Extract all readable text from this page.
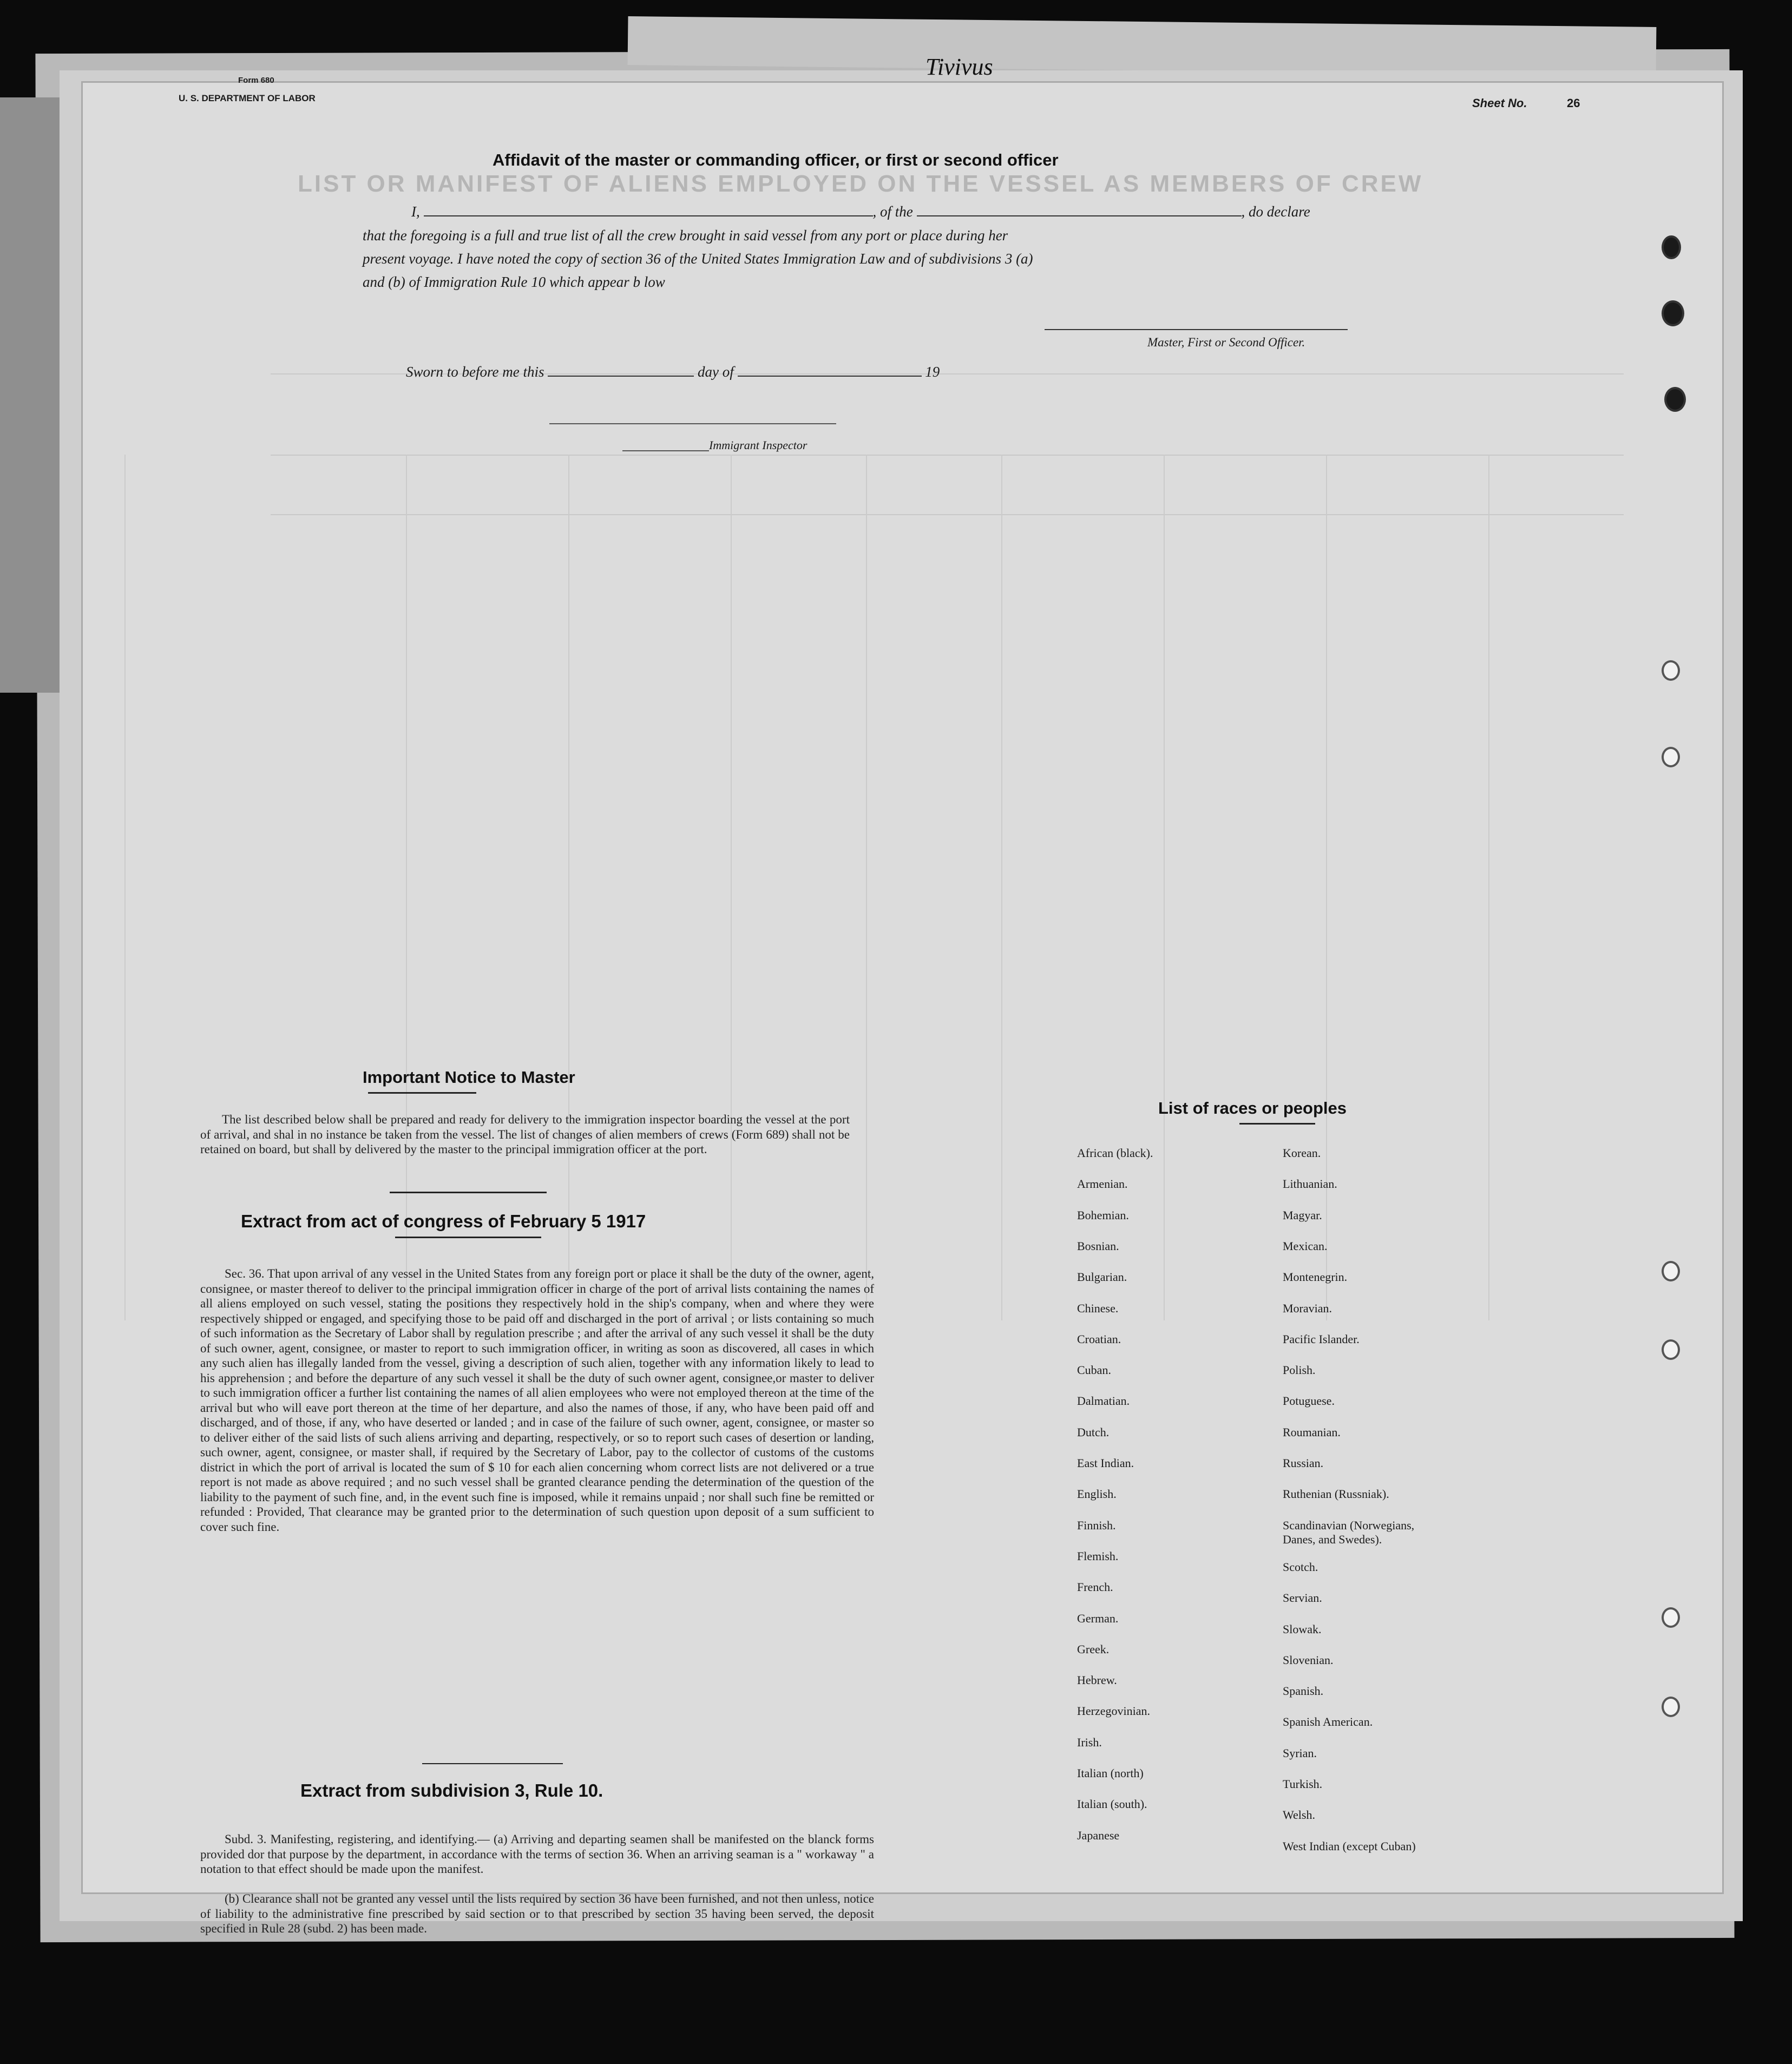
LIST OR MANIFEST OF ALIENS EMPLOYED ON THE VESSEL AS MEMBERS OF CREW
Form 680
U. S. DEPARTMENT OF LABOR
Tivivus
Sheet No.	26
Affidavit of the master or commanding officer, or first or second officer
I,	, of the	, do declare
that the foregoing is a full and true list of all the crew brought in said vessel from any port or place during her
present voyage. I have noted the copy of section 36 of the United States Immigration Law and of subdivisions 3 (a)
and (b) of Immigration Rule 10 which appear b low
Master, First or Second Officer.
Sworn to before me this	day of	19
Immigrant Inspector
Important Notice to Master
The list described below shall be prepared and ready for delivery to the immigration inspector boarding the vessel at the port of arrival, and shal in no instance be taken from the vessel. The list of changes of alien members of crews (Form 689) shall not be retained on board, but shall by delivered by the master to the principal immigration officer at the port.
Extract from act of congress of February 5 1917
Sec. 36. That upon arrival of any vessel in the United States from any foreign port or place it shall be the duty of the owner, agent, consignee, or master thereof to deliver to the principal immigration officer in charge of the port of arrival lists containing the names of all aliens employed on such vessel, stating the positions they respectively hold in the ship's company, when and where they were respectively shipped or engaged, and specifying those to be paid off and discharged in the port of arrival ; or lists containing so much of such information as the Secretary of Labor shall by regulation prescribe ; and after the arrival of any such vessel it shall be the duty of such owner, agent, consignee, or master to report to such immigration officer, in writing as soon as discovered, all cases in which any such alien has illegally landed from the vessel, giving a description of such alien, together with any information likely to lead to his apprehension ; and before the departure of any such vessel it shall be the duty of such owner agent, consignee,or master to deliver to such immigration officer a further list containing the names of all alien employees who were not employed thereon at the time of the arrival but who will eave port thereon at the time of her departure, and also the names of those, if any, who have been paid off and discharged, and of those, if any, who have deserted or landed ; and in case of the failure of such owner, agent, consignee, or master so to deliver either of the said lists of such aliens arriving and departing, respectively, or so to report such cases of desertion or landing, such owner, agent, consignee, or master shall, if required by the Secretary of Labor, pay to the collector of customs of the customs district in which the port of arrival is located the sum of $ 10 for each alien concerning whom correct lists are not delivered or a true report is not made as above required ; and no such vessel shall be granted clearance pending the determination of the question of the liability to the payment of such fine, and, in the event such fine is imposed, while it remains unpaid ; nor shall such fine be remitted or refunded : Provided, That clearance may be granted prior to the determination of such question upon deposit of a sum sufficient to cover such fine.
Extract from subdivision 3, Rule 10.
Subd. 3. Manifesting, registering, and identifying.— (a) Arriving and departing seamen shall be manifested on the blanck forms provided dor that purpose by the department, in accordance with the terms of section 36. When an arriving seaman is a " workaway " a notation to that effect should be made upon the manifest.
(b) Clearance shall not be granted any vessel until the lists required by section 36 have been furnished, and not then unless, notice of liability to the administrative fine prescribed by said section or to that prescribed by section 35 having been served, the deposit specified in Rule 28 (subd. 2) has been made.
List of races or peoples
African (black).
Armenian.
Bohemian.
Bosnian.
Bulgarian.
Chinese.
Croatian.
Cuban.
Dalmatian.
Dutch.
East Indian.
English.
Finnish.
Flemish.
French.
German.
Greek.
Hebrew.
Herzegovinian.
Irish.
Italian (north)
Italian (south).
Japanese
Korean.
Lithuanian.
Magyar.
Mexican.
Montenegrin.
Moravian.
Pacific Islander.
Polish.
Potuguese.
Roumanian.
Russian.
Ruthenian (Russniak).
Scandinavian (Norwegians, Danes, and Swedes).
Scotch.
Servian.
Slowak.
Slovenian.
Spanish.
Spanish American.
Syrian.
Turkish.
Welsh.
West Indian (except Cuban)
